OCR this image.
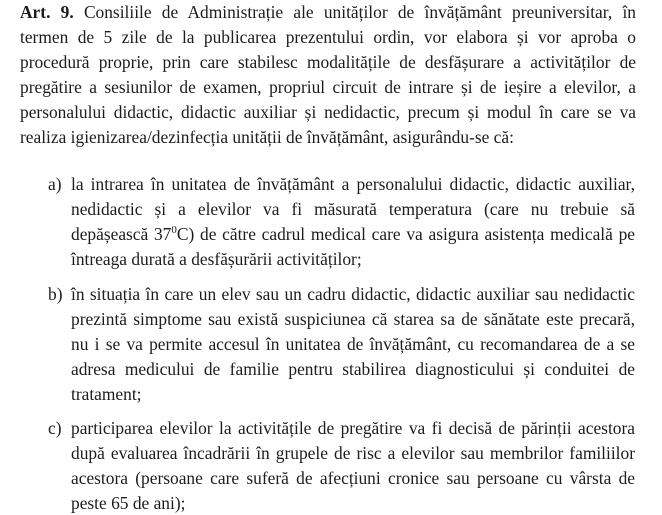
Art. 9. Consiliile de Administrație ale unităților de învățământ preuniversitar, în
termen de 5 zile de la publicarea prezentului ordin, vor elabora și vor aproba o
procedură proprie, prin care stabilesc modalitățile de desfășurare a activităților de
pregătire a sesiunilor de examen, propriul circuit de intrare și de ieșire a elevilor, a
personalului didactic, didactic auxiliar și nedidactic, precum și modul în care se va
realiza igienizarea/dezinfecția unității de învățământ, asigurându-se că:
a) la intrarea în unitatea de învățământ a personalului didactic, didactic auxiliar,
nedidactic și a elevilor va fi măsurată temperatura (care nu trebuie să
depășească $37^0C$) de către cadrul medical care va asigura asistența medicală pe
întreaga durată a desfășurării activităților;
b) în situația în care un elev sau un cadru didactic, didactic auxiliar sau nedidactic
prezintă simptome sau există suspiciunea că starea sa de sănătate este precară,
nu i se va permite accesul în unitatea de învățământ, cu recomandarea de a se
adresa medicului de familie pentru stabilirea diagnosticului și conduitei de
tratament;
c) participarea elevilor la activitățile de pregătire va fi decisă de părinții acestora
după evaluarea încadrării în grupele de risc a elevilor sau membrilor familiilor
acestora (persoane care suferă de afecțiuni cronice sau persoane cu vârsta de
peste 65 de ani);
